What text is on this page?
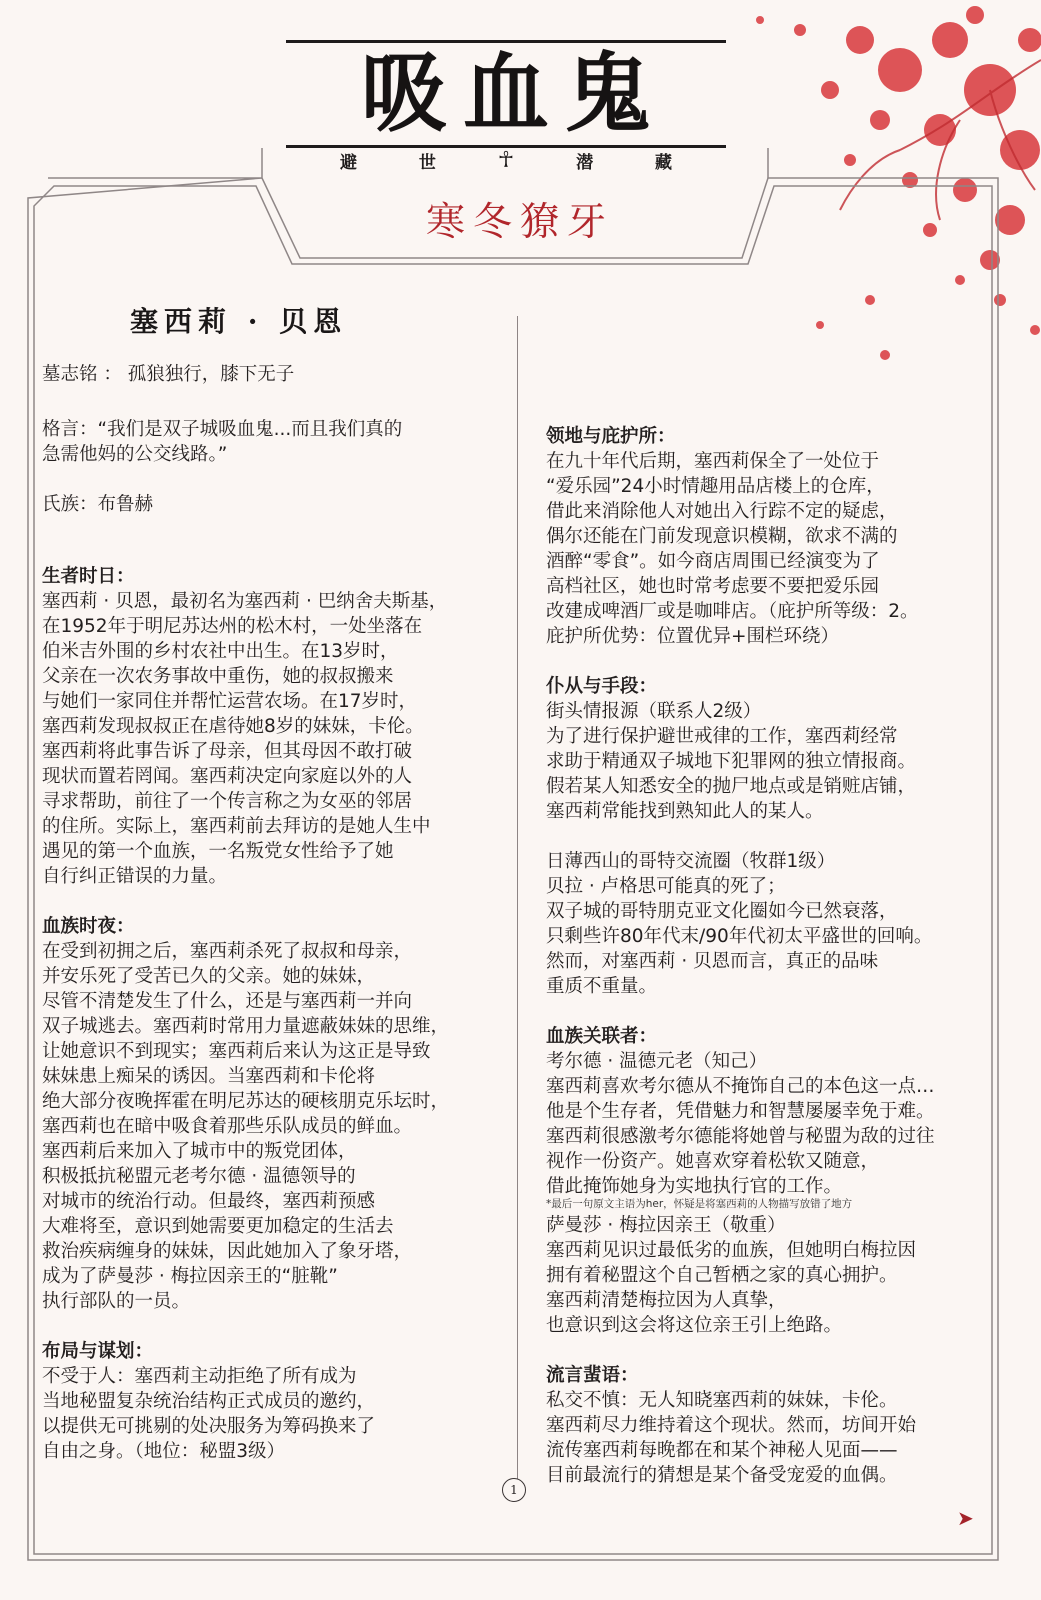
吸血鬼
避	世	☥	潜	藏
寒冬獠牙
塞西莉 · 贝恩

墓志铭 ： 孤狼独行，膝下无子

格言：“我们是双子城吸血鬼...而且我们真的
急需他妈的公交线路。”

氏族：布鲁赫

生者时日：

塞西莉 · 贝恩，最初名为塞西莉 · 巴纳舍夫斯基，
在1952年于明尼苏达州的松木村，一处坐落在
伯米吉外围的乡村农社中出生。在13岁时，
父亲在一次农务事故中重伤，她的叔叔搬来
与她们一家同住并帮忙运营农场。在17岁时，
塞西莉发现叔叔正在虐待她8岁的妹妹，卡伦。
塞西莉将此事告诉了母亲，但其母因不敢打破
现状而置若罔闻。塞西莉决定向家庭以外的人
寻求帮助，前往了一个传言称之为女巫的邻居
的住所。实际上，塞西莉前去拜访的是她人生中
遇见的第一个血族，一名叛党女性给予了她
自行纠正错误的力量。

血族时夜：

在受到初拥之后，塞西莉杀死了叔叔和母亲，
并安乐死了受苦已久的父亲。她的妹妹，
尽管不清楚发生了什么，还是与塞西莉一并向
双子城逃去。塞西莉时常用力量遮蔽妹妹的思维，
让她意识不到现实；塞西莉后来认为这正是导致
妹妹患上痴呆的诱因。当塞西莉和卡伦将
绝大部分夜晚挥霍在明尼苏达的硬核朋克乐坛时，
塞西莉也在暗中吸食着那些乐队成员的鲜血。
塞西莉后来加入了城市中的叛党团体，
积极抵抗秘盟元老考尔德 · 温德领导的
对城市的统治行动。但最终，塞西莉预感
大难将至，意识到她需要更加稳定的生活去
救治疾病缠身的妹妹，因此她加入了象牙塔，
成为了萨曼莎 · 梅拉因亲王的“脏靴”
执行部队的一员。

布局与谋划：

不受于人：塞西莉主动拒绝了所有成为
当地秘盟复杂统治结构正式成员的邀约，
以提供无可挑剔的处决服务为筹码换来了
自由之身。（地位：秘盟3级）

领地与庇护所：

在九十年代后期，塞西莉保全了一处位于
“爱乐园”24小时情趣用品店楼上的仓库，
借此来消除他人对她出入行踪不定的疑虑，
偶尔还能在门前发现意识模糊，欲求不满的
酒醉“零食”。如今商店周围已经演变为了
高档社区，她也时常考虑要不要把爱乐园
改建成啤酒厂或是咖啡店。（庇护所等级：2。
庇护所优势：位置优异+围栏环绕）

仆从与手段：

街头情报源（联系人2级）
为了进行保护避世戒律的工作，塞西莉经常
求助于精通双子城地下犯罪网的独立情报商。
假若某人知悉安全的抛尸地点或是销赃店铺，
塞西莉常能找到熟知此人的某人。

日薄西山的哥特交流圈（牧群1级）
贝拉 · 卢格思可能真的死了；
双子城的哥特朋克亚文化圈如今已然衰落，
只剩些许80年代末/90年代初太平盛世的回响。
然而，对塞西莉 · 贝恩而言，真正的品味
重质不重量。

血族关联者：

考尔德 · 温德元老（知己）
塞西莉喜欢考尔德从不掩饰自己的本色这一点…
他是个生存者，凭借魅力和智慧屡屡幸免于难。
塞西莉很感激考尔德能将她曾与秘盟为敌的过往
视作一份资产。她喜欢穿着松软又随意，
借此掩饰她身为实地执行官的工作。

*最后一句原文主语为her，怀疑是将塞西莉的人物描写放错了地方

萨曼莎 · 梅拉因亲王（敬重）
塞西莉见识过最低劣的血族，但她明白梅拉因
拥有着秘盟这个自己暂栖之家的真心拥护。
塞西莉清楚梅拉因为人真挚，
也意识到这会将这位亲王引上绝路。

流言蜚语：

私交不慎：无人知晓塞西莉的妹妹，卡伦。
塞西莉尽力维持着这个现状。然而，坊间开始
流传塞西莉每晚都在和某个神秘人见面——
目前最流行的猜想是某个备受宠爱的血偶。

1
➤
